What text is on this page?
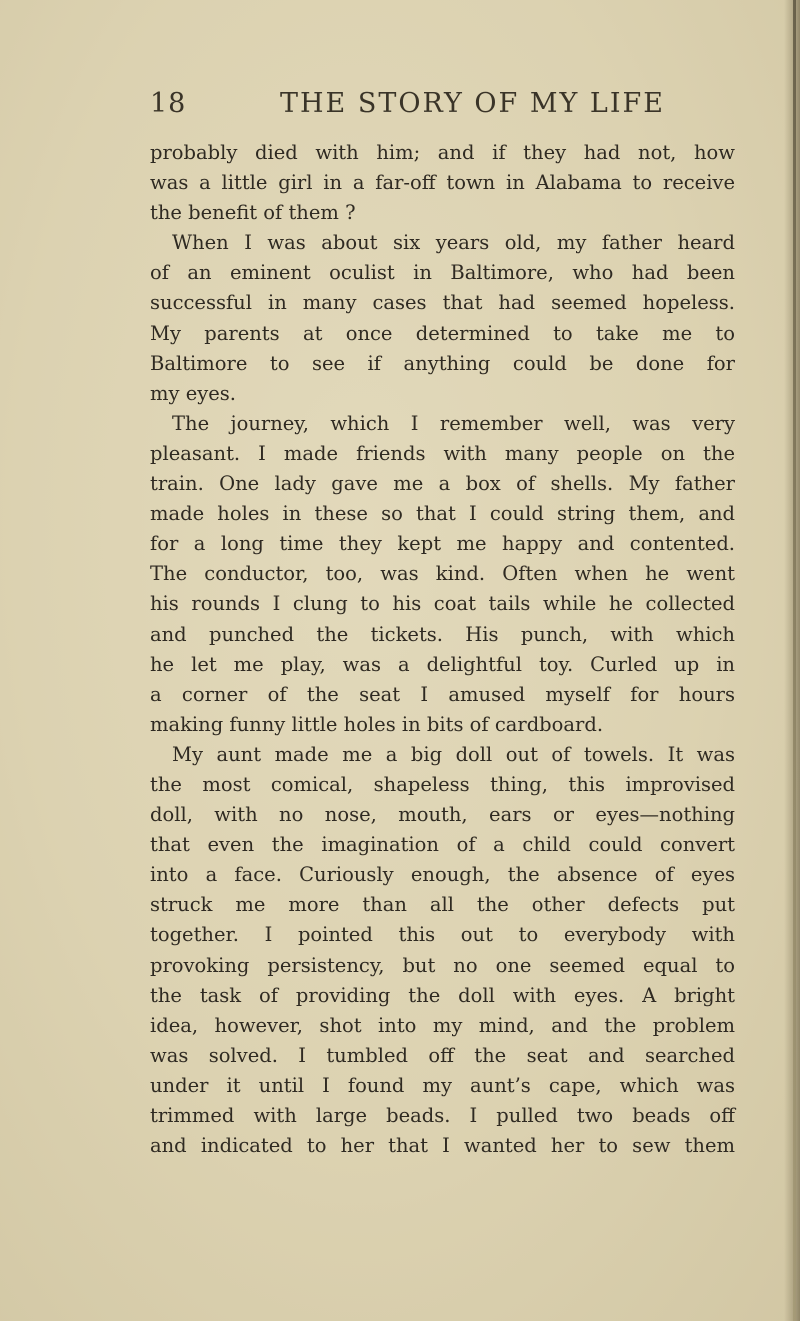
18	THE STORY OF MY LIFE
probably died with him; and if they had not, how
was a little girl in a far-off town in Alabama to receive
the benefit of them ?
When I was about six years old, my father heard
of an eminent oculist in Baltimore, who had been
successful in many cases that had seemed hopeless.
My parents at once determined to take me to
Baltimore to see if anything could be done for
my eyes.
The journey, which I remember well, was very
pleasant. I made friends with many people on the
train. One lady gave me a box of shells. My father
made holes in these so that I could string them, and
for a long time they kept me happy and contented.
The conductor, too, was kind. Often when he went
his rounds I clung to his coat tails while he collected
and punched the tickets. His punch, with which
he let me play, was a delightful toy. Curled up in
a corner of the seat I amused myself for hours
making funny little holes in bits of cardboard.
My aunt made me a big doll out of towels. It was
the most comical, shapeless thing, this improvised
doll, with no nose, mouth, ears or eyes—nothing
that even the imagination of a child could convert
into a face. Curiously enough, the absence of eyes
struck me more than all the other defects put
together. I pointed this out to everybody with
provoking persistency, but no one seemed equal to
the task of providing the doll with eyes. A bright
idea, however, shot into my mind, and the problem
was solved. I tumbled off the seat and searched
under it until I found my aunt’s cape, which was
trimmed with large beads. I pulled two beads off
and indicated to her that I wanted her to sew them
